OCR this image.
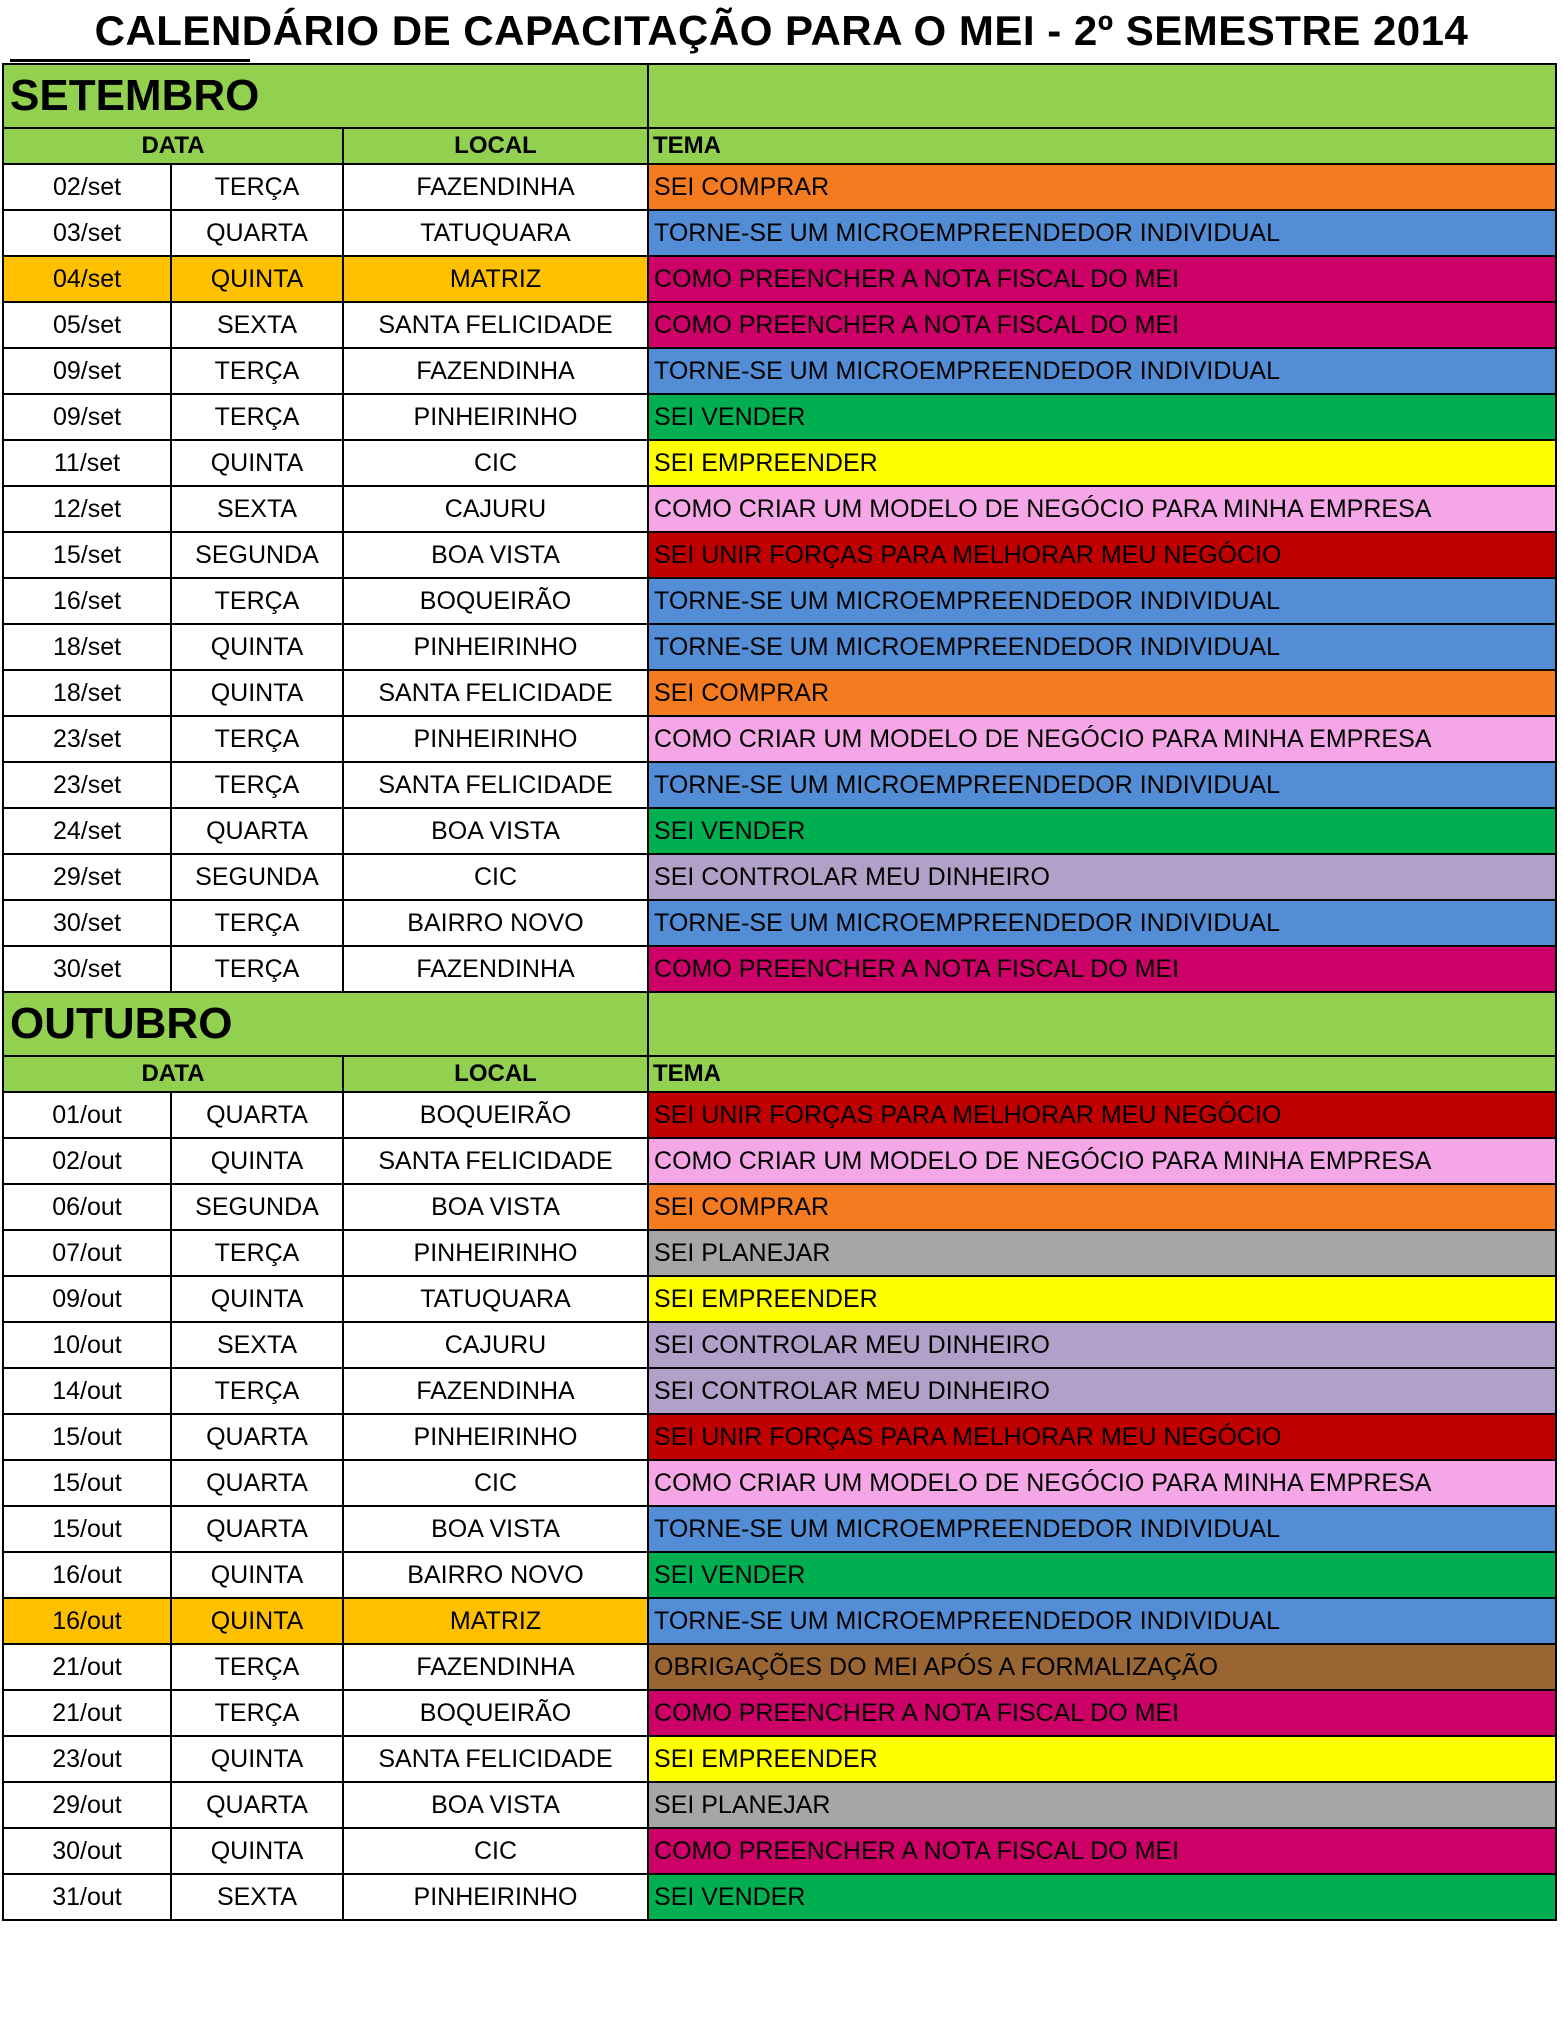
CALENDÁRIO DE CAPACITAÇÃO PARA O MEI - 2º SEMESTRE 2014
SETEMBRO			
DATA		LOCAL	TEMA
02/set	TERÇA	FAZENDINHA	SEI COMPRAR
03/set	QUARTA	TATUQUARA	TORNE-SE UM MICROEMPREENDEDOR INDIVIDUAL
04/set	QUINTA	MATRIZ	COMO PREENCHER A NOTA FISCAL DO MEI
05/set	SEXTA	SANTA FELICIDADE	COMO PREENCHER A NOTA FISCAL DO MEI
09/set	TERÇA	FAZENDINHA	TORNE-SE UM MICROEMPREENDEDOR INDIVIDUAL
09/set	TERÇA	PINHEIRINHO	SEI VENDER
11/set	QUINTA	CIC	SEI EMPREENDER
12/set	SEXTA	CAJURU	COMO CRIAR UM MODELO DE NEGÓCIO PARA MINHA EMPRESA
15/set	SEGUNDA	BOA VISTA	SEI UNIR FORÇAS PARA MELHORAR MEU NEGÓCIO
16/set	TERÇA	BOQUEIRÃO	TORNE-SE UM MICROEMPREENDEDOR INDIVIDUAL
18/set	QUINTA	PINHEIRINHO	TORNE-SE UM MICROEMPREENDEDOR INDIVIDUAL
18/set	QUINTA	SANTA FELICIDADE	SEI COMPRAR
23/set	TERÇA	PINHEIRINHO	COMO CRIAR UM MODELO DE NEGÓCIO PARA MINHA EMPRESA
23/set	TERÇA	SANTA FELICIDADE	TORNE-SE UM MICROEMPREENDEDOR INDIVIDUAL
24/set	QUARTA	BOA VISTA	SEI VENDER
29/set	SEGUNDA	CIC	SEI CONTROLAR MEU DINHEIRO
30/set	TERÇA	BAIRRO NOVO	TORNE-SE UM MICROEMPREENDEDOR INDIVIDUAL
30/set	TERÇA	FAZENDINHA	COMO PREENCHER A NOTA FISCAL DO MEI
OUTUBRO			
DATA		LOCAL	TEMA
01/out	QUARTA	BOQUEIRÃO	SEI UNIR FORÇAS PARA MELHORAR MEU NEGÓCIO
02/out	QUINTA	SANTA FELICIDADE	COMO CRIAR UM MODELO DE NEGÓCIO PARA MINHA EMPRESA
06/out	SEGUNDA	BOA VISTA	SEI COMPRAR
07/out	TERÇA	PINHEIRINHO	SEI PLANEJAR
09/out	QUINTA	TATUQUARA	SEI EMPREENDER
10/out	SEXTA	CAJURU	SEI CONTROLAR MEU DINHEIRO
14/out	TERÇA	FAZENDINHA	SEI CONTROLAR MEU DINHEIRO
15/out	QUARTA	PINHEIRINHO	SEI UNIR FORÇAS PARA MELHORAR MEU NEGÓCIO
15/out	QUARTA	CIC	COMO CRIAR UM MODELO DE NEGÓCIO PARA MINHA EMPRESA
15/out	QUARTA	BOA VISTA	TORNE-SE UM MICROEMPREENDEDOR INDIVIDUAL
16/out	QUINTA	BAIRRO NOVO	SEI VENDER
16/out	QUINTA	MATRIZ	TORNE-SE UM MICROEMPREENDEDOR INDIVIDUAL
21/out	TERÇA	FAZENDINHA	OBRIGAÇÕES DO MEI APÓS A FORMALIZAÇÃO
21/out	TERÇA	BOQUEIRÃO	COMO PREENCHER A NOTA FISCAL DO MEI
23/out	QUINTA	SANTA FELICIDADE	SEI EMPREENDER
29/out	QUARTA	BOA VISTA	SEI PLANEJAR
30/out	QUINTA	CIC	COMO PREENCHER A NOTA FISCAL DO MEI
31/out	SEXTA	PINHEIRINHO	SEI VENDER
